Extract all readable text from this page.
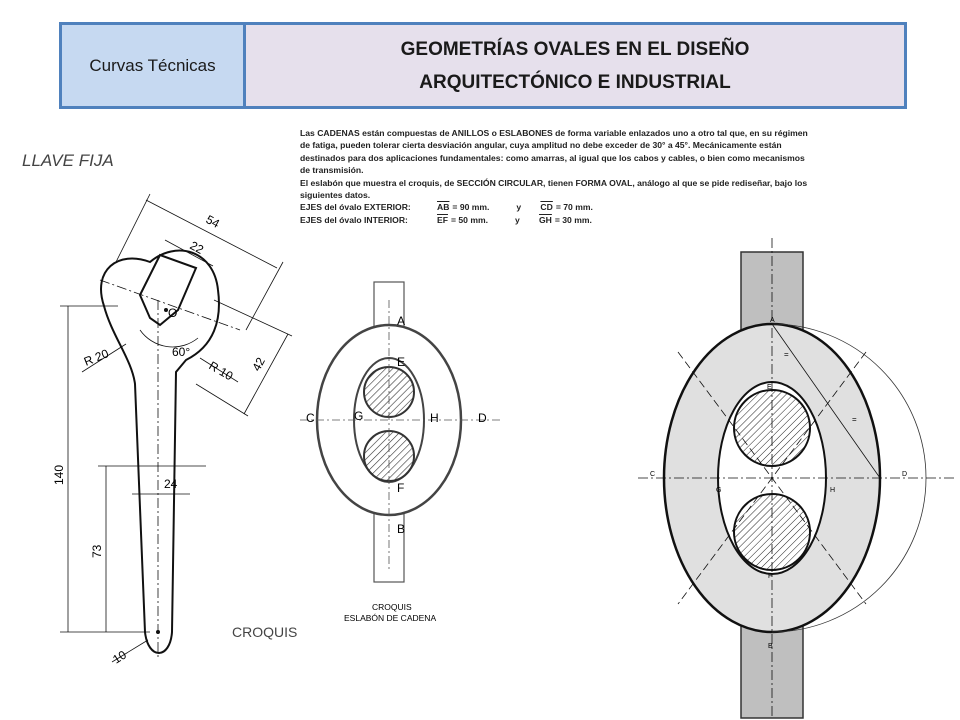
Curvas Técnicas
GEOMETRÍAS OVALES EN EL DISEÑO
ARQUITECTÓNICO E INDUSTRIAL

Las CADENAS están compuestas de ANILLOS o ESLABONES de forma variable enlazados uno a otro tal que, en su régimen de fatiga, pueden tolerar cierta desviación angular, cuya amplitud no debe exceder de 30° a 45°. Mecánicamente están destinados para dos aplicaciones fundamentales: como amarras, al igual que los cabos y cables, o bien como mecanismos de transmisión.

El eslabón que muestra el croquis, de SECCIÓN CIRCULAR, tienen FORMA OVAL, análogo al que se pide rediseñar, bajo los siguientes datos.

EJES del óvalo EXTERIOR:	$\overline{AB} = 90$ mm.	y	$\overline{CD} = 70$ mm.
EJES del óvalo INTERIOR:	$\overline{EF} = 50$ mm.	y	$\overline{GH} = 30$ mm.
LLAVE FIJA
O
54
22
42
R 20
R 10
60°
140
73
24
10
CROQUIS
A
B
C	D
E
F
G	H
CROQUIS
ESLABÓN DE CADENA
=
=
A
B
C	D
E
F
G	H
